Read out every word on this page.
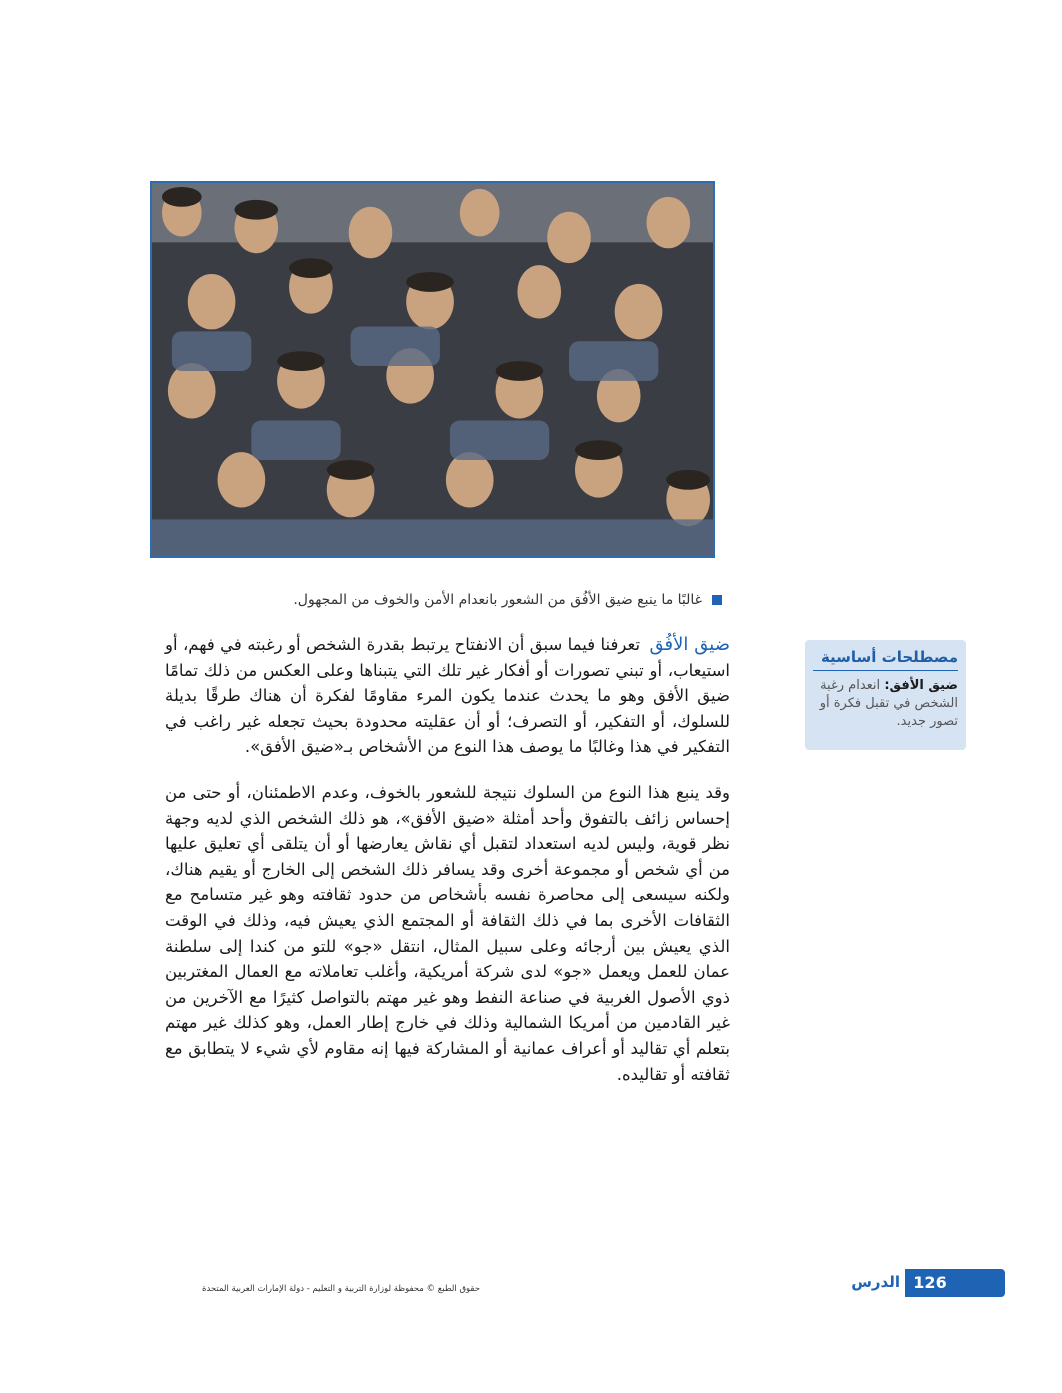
غالبًا ما ينبع ضيق الأفُق من الشعور بانعدام الأمن والخوف من المجهول.

ضيق الأفُق تعرفنا فيما سبق أن الانفتاح يرتبط بقدرة الشخص أو رغبته في فهم، أو استيعاب، أو تبني تصورات أو أفكار غير تلك التي يتبناها وعلى العكس من ذلك تمامًا ضيق الأفق وهو ما يحدث عندما يكون المرء مقاومًا لفكرة أن هناك طرقًا بديلة للسلوك، أو التفكير، أو التصرف؛ أو أن عقليته محدودة بحيث تجعله غير راغب في التفكير في هذا وغالبًا ما يوصف هذا النوع من الأشخاص بـ«ضيق الأفق».

وقد ينبع هذا النوع من السلوك نتيجة للشعور بالخوف، وعدم الاطمئنان، أو حتى من إحساس زائف بالتفوق وأحد أمثلة «ضيق الأفق»، هو ذلك الشخص الذي لديه وجهة نظر قوية، وليس لديه استعداد لتقبل أي نقاش يعارضها أو أن يتلقى أي تعليق عليها من أي شخص أو مجموعة أخرى وقد يسافر ذلك الشخص إلى الخارج أو يقيم هناك، ولكنه سيسعى إلى محاصرة نفسه بأشخاص من حدود ثقافته وهو غير متسامح مع الثقافات الأخرى بما في ذلك الثقافة أو المجتمع الذي يعيش فيه، وذلك في الوقت الذي يعيش بين أرجائه وعلى سبيل المثال، انتقل «جو» للتو من كندا إلى سلطنة عمان للعمل ويعمل «جو» لدى شركة أمريكية، وأغلب تعاملاته مع العمال المغتربين ذوي الأصول الغربية في صناعة النفط وهو غير مهتم بالتواصل كثيرًا مع الآخرين من غير القادمين من أمريكا الشمالية وذلك في خارج إطار العمل، وهو كذلك غير مهتم بتعلم أي تقاليد أو أعراف عمانية أو المشاركة فيها إنه مقاوم لأي شيء لا يتطابق مع ثقافته أو تقاليده.

مصطلحات أساسية
ضيق الأفق: انعدام رغبة الشخص في تقبل فكرة أو تصور جديد.
126
الدرس
حقوق الطبع © محفوظة لوزارة التربية و التعليم - دولة الإمارات العربية المتحدة
